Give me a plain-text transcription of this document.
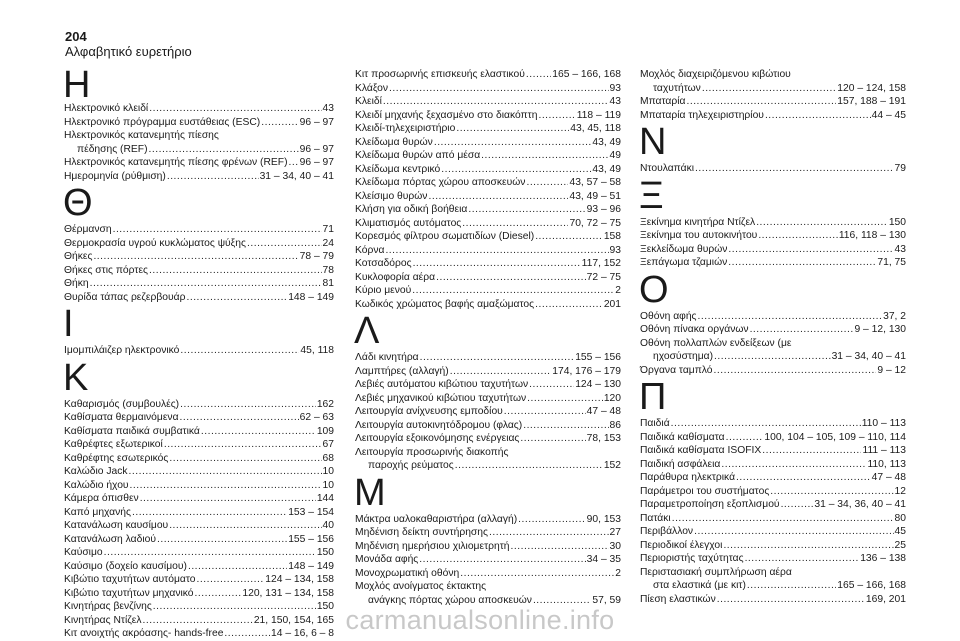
204
Αλφαβητικό ευρετήριο
Η
Ηλεκτρονικό κλειδί .....	43
Ηλεκτρονικό πρόγραμμα ευστάθειας (ESC) .....	96 – 97
Ηλεκτρονικός κατανεμητής πίεσης
πέδησης (REF) .....	96 – 97
Ηλεκτρονικός κατανεμητής πίεσης φρένων (REF) ..... 96 – 97
Ημερομηνία (ρύθμιση) .....	31 – 34, 40 – 41
Θ
Θέρμανση .....	71
Θερμοκρασία υγρού κυκλώματος ψύξης .....	24
Θήκες .....	78 – 79
Θήκες στις πόρτες .....	78
Θήκη .....	81
Θυρίδα τάπας ρεζερβουάρ .....	148 – 149
Ι
Ιμομπιλάιζερ ηλεκτρονικό .....	45, 118
Κ
Καθαρισμός (συμβουλές) .....	162
Καθίσματα θερμαινόμενα .....	62 – 63
Καθίσματα παιδικά συμβατικά .....	109
Καθρέφτες εξωτερικοί .....	67
Καθρέφτης εσωτερικός .....	68
Καλώδιο Jack .....	10
Καλώδιο ήχου .....	10
Κάμερα όπισθεν .....	144
Καπό μηχανής .....	153 – 154
Κατανάλωση καυσίμου .....	40
Κατανάλωση λαδιού .....	155 – 156
Καύσιμο .....	150
Καύσιμο (δοχείο καυσίμου) .....	148 – 149
Κιβώτιο ταχυτήτων αυτόματο .....	124 – 134, 158
Κιβώτιο ταχυτήτων μηχανικό .....	120, 131 – 134, 158
Κινητήρας βενζίνης .....	150
Κινητήρας Ντίζελ .....	21, 150, 154, 165
Κιτ ανοιχτής ακρόασης- hands-free .....	14 – 16, 6 – 8
Κιτ προσωρινής επισκευής ελαστικού .....	165 – 166, 168
Κλάξον .....	93
Κλειδί .....	43
Κλειδί μηχανής ξεχασμένο στο διακόπτη .....	118 – 119
Κλειδί-τηλεχειριστήριο .....	43, 45, 118
Κλείδωμα θυρών .....	43, 49
Κλείδωμα θυρών από μέσα .....	49
Κλείδωμα κεντρικό .....	43, 49
Κλείδωμα πόρτας χώρου αποσκευών .....	43, 57 – 58
Κλείσιμο θυρών .....	43, 49 – 51
Κλήση για οδική βοήθεια .....	93 – 96
Κλιματισμός αυτόματος .....	70, 72 – 75
Κορεσμός φίλτρου σωματιδίων (Diesel) .....	158
Κόρνα .....	93
Κοτσαδόρος .....	117, 152
Κυκλοφορία αέρα .....	72 – 75
Κύριο μενού .....	2
Κωδικός χρώματος βαφής αμαξώματος .....	201
Λ
Λάδι κινητήρα .....	155 – 156
Λαμπτήρες (αλλαγή) .....	174, 176 – 179
Λεβιές αυτόματου κιβώτιου ταχυτήτων .....	124 – 130
Λεβιές μηχανικού κιβώτιου ταχυτήτων .....	120
Λειτουργία ανίχνευσης εμποδίου .....	47 – 48
Λειτουργία αυτοκινητόδρομου (φλας) .....	86
Λειτουργία εξοικονόμησης ενέργειας .....	78, 153
Λειτουργία προσωρινής διακοπής
παροχής ρεύματος .....	152
Μ
Μάκτρα υαλοκαθαριστήρα (αλλαγή) .....	90, 153
Μηδένιση δείκτη συντήρησης .....	27
Μηδένιση ημερήσιου χιλιομετρητή .....	30
Μονάδα αφής .....	34 – 35
Μονοχρωματική οθόνη .....	2
Μοχλός ανοίγματος έκτακτης
ανάγκης πόρτας χώρου αποσκευών .....	57, 59
Μοχλός διαχειριζόμενου κιβώτιου
ταχυτήτων .....	120 – 124, 158
Μπαταρία .....	157, 188 – 191
Μπαταρία τηλεχειριστηρίου .....	44 – 45
Ν
Ντουλαπάκι .....	79
Ξ
Ξεκίνημα κινητήρα Ντίζελ .....	150
Ξεκίνημα του αυτοκινήτου .....	116, 118 – 130
Ξεκλείδωμα θυρών .....	43
Ξεπάγωμα τζαμιών .....	71, 75
Ο
Οθόνη αφής .....	37, 2
Οθόνη πίνακα οργάνων .....	9 – 12, 130
Οθόνη πολλαπλών ενδείξεων (με
ηχοσύστημα) .....	31 – 34, 40 – 41
Όργανα ταμπλό .....	9 – 12
Π
Παιδιά .....	110 – 113
Παιδικά καθίσματα .....	100, 104 – 105, 109 – 110, 114
Παιδικά καθίσματα ISOFIX .....	111 – 113
Παιδική ασφάλεια .....	110, 113
Παράθυρα ηλεκτρικά .....	47 – 48
Παράμετροι του συστήματος .....	12
Παραμετροποίηση εξοπλισμού .....	31 – 34, 36, 40 – 41
Πατάκι .....	80
Περιβάλλον .....	45
Περιοδικοί έλεγχοι .....	25
Περιοριστής ταχύτητας .....	136 – 138
Περιστασιακή συμπλήρωση αέρα
στα ελαστικά (με κιτ) .....	165 – 166, 168
Πίεση ελαστικών .....	169, 201
carmanualsonline.info
